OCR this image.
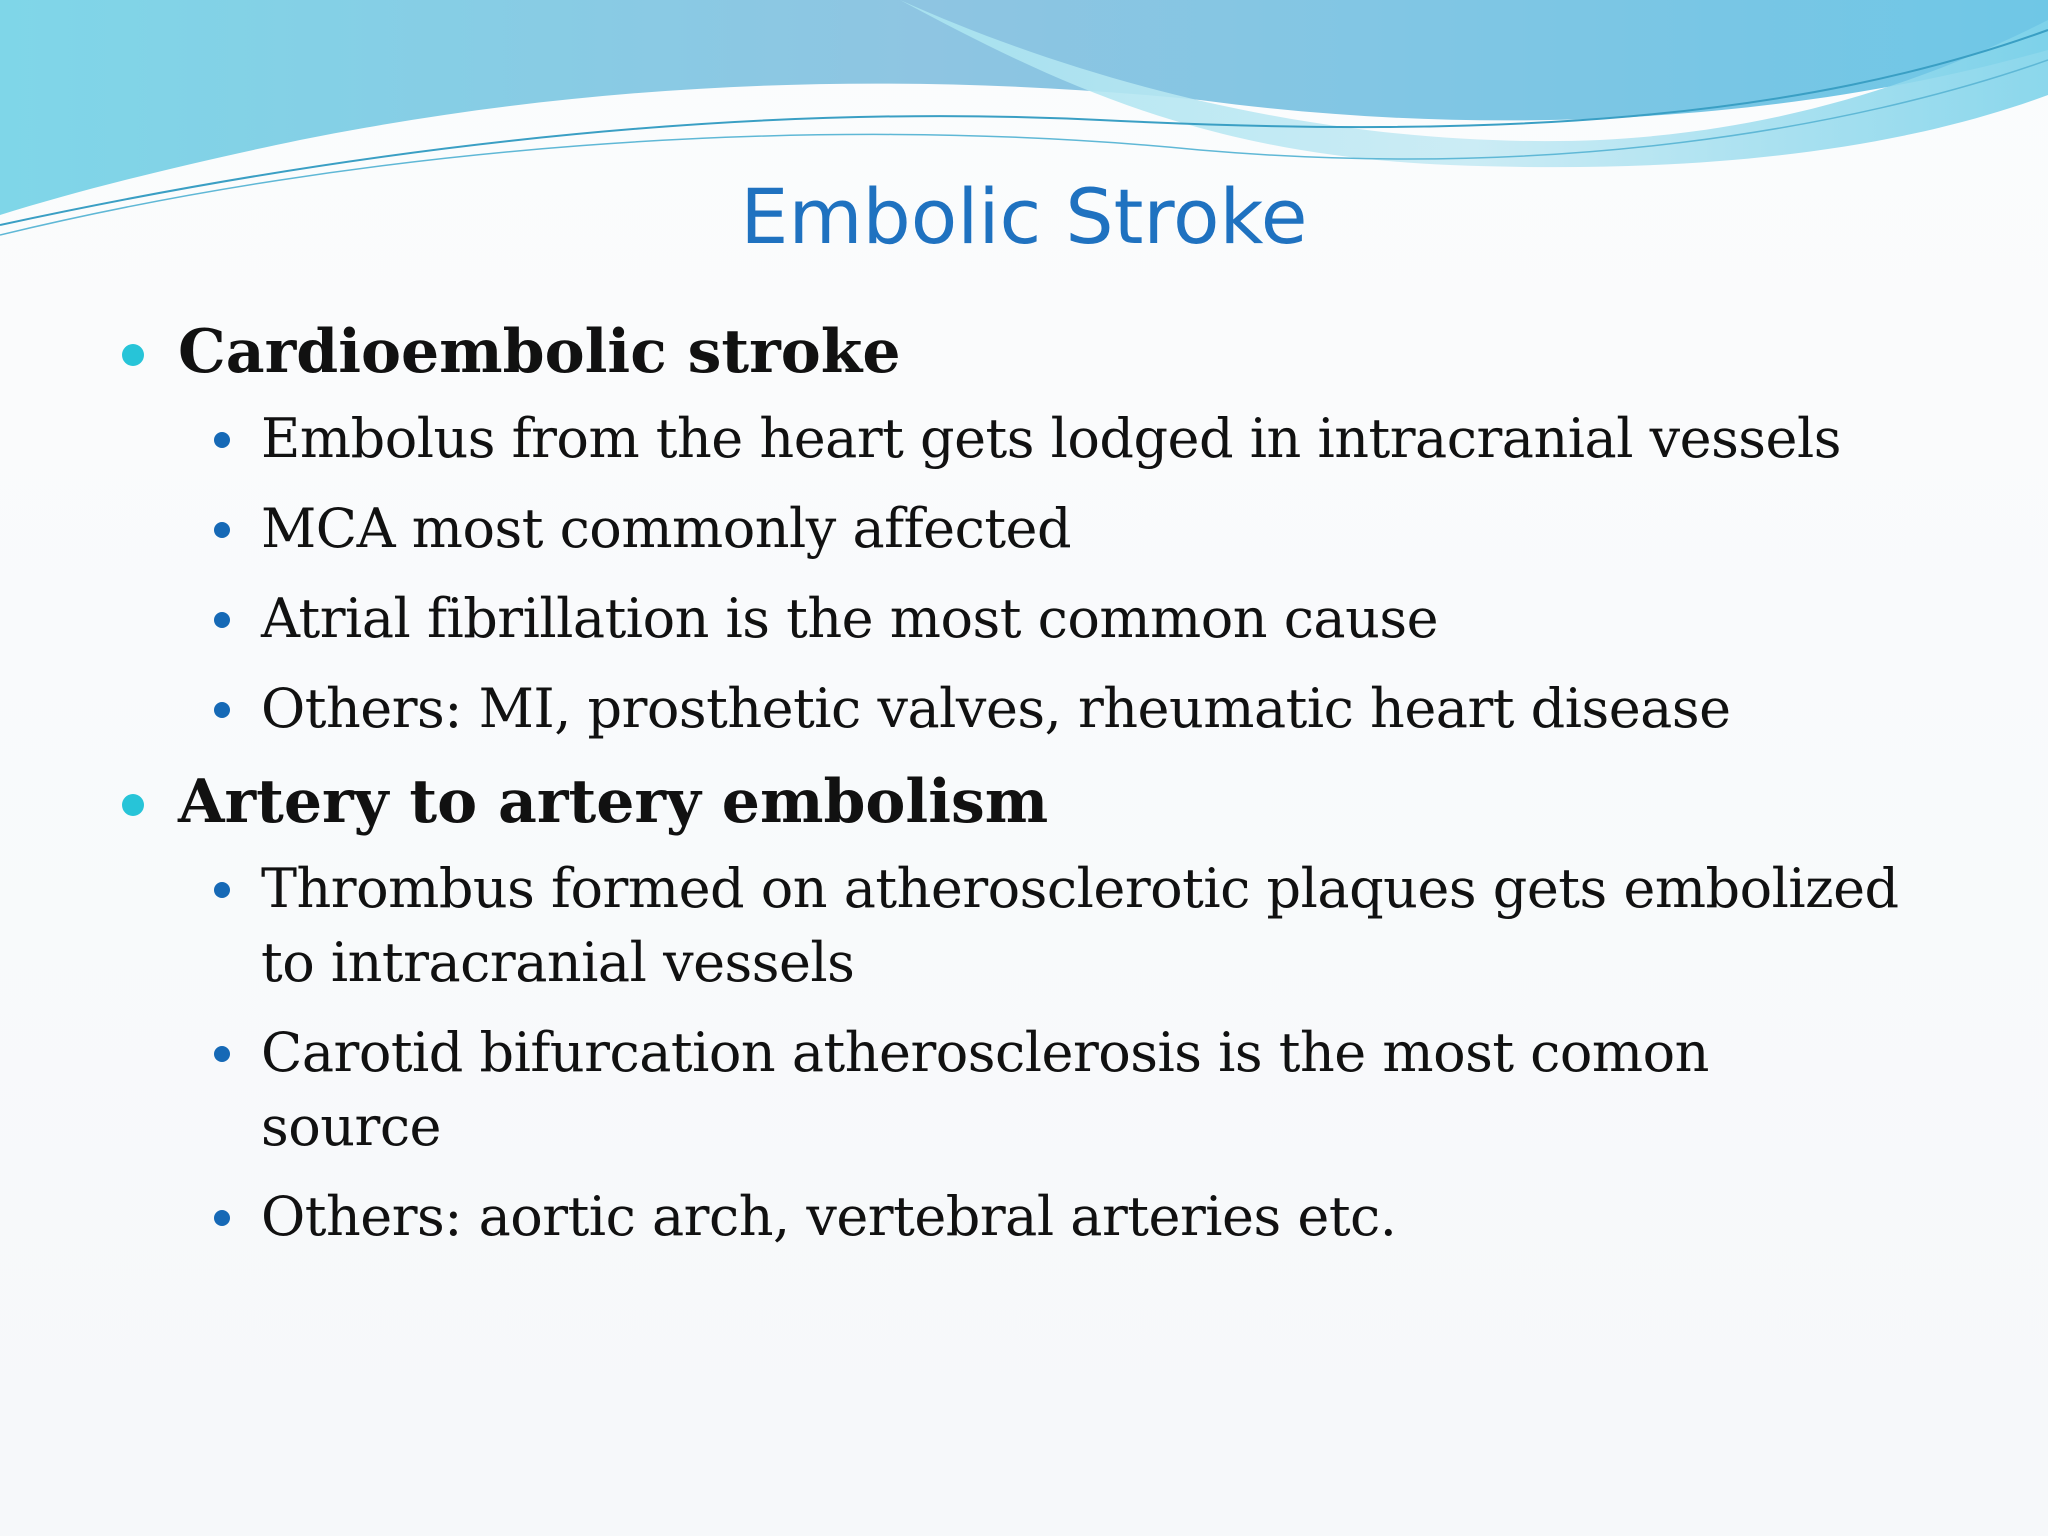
Embolic Stroke
Cardioembolic stroke
Embolus from the heart gets lodged in intracranial vessels
MCA most commonly affected
Atrial fibrillation is the most common cause
Others: MI, prosthetic valves, rheumatic heart disease
Artery to artery embolism
Thrombus formed on atherosclerotic plaques gets embolized to intracranial vessels
Carotid bifurcation atherosclerosis is the most comon source
Others: aortic arch, vertebral arteries etc.
